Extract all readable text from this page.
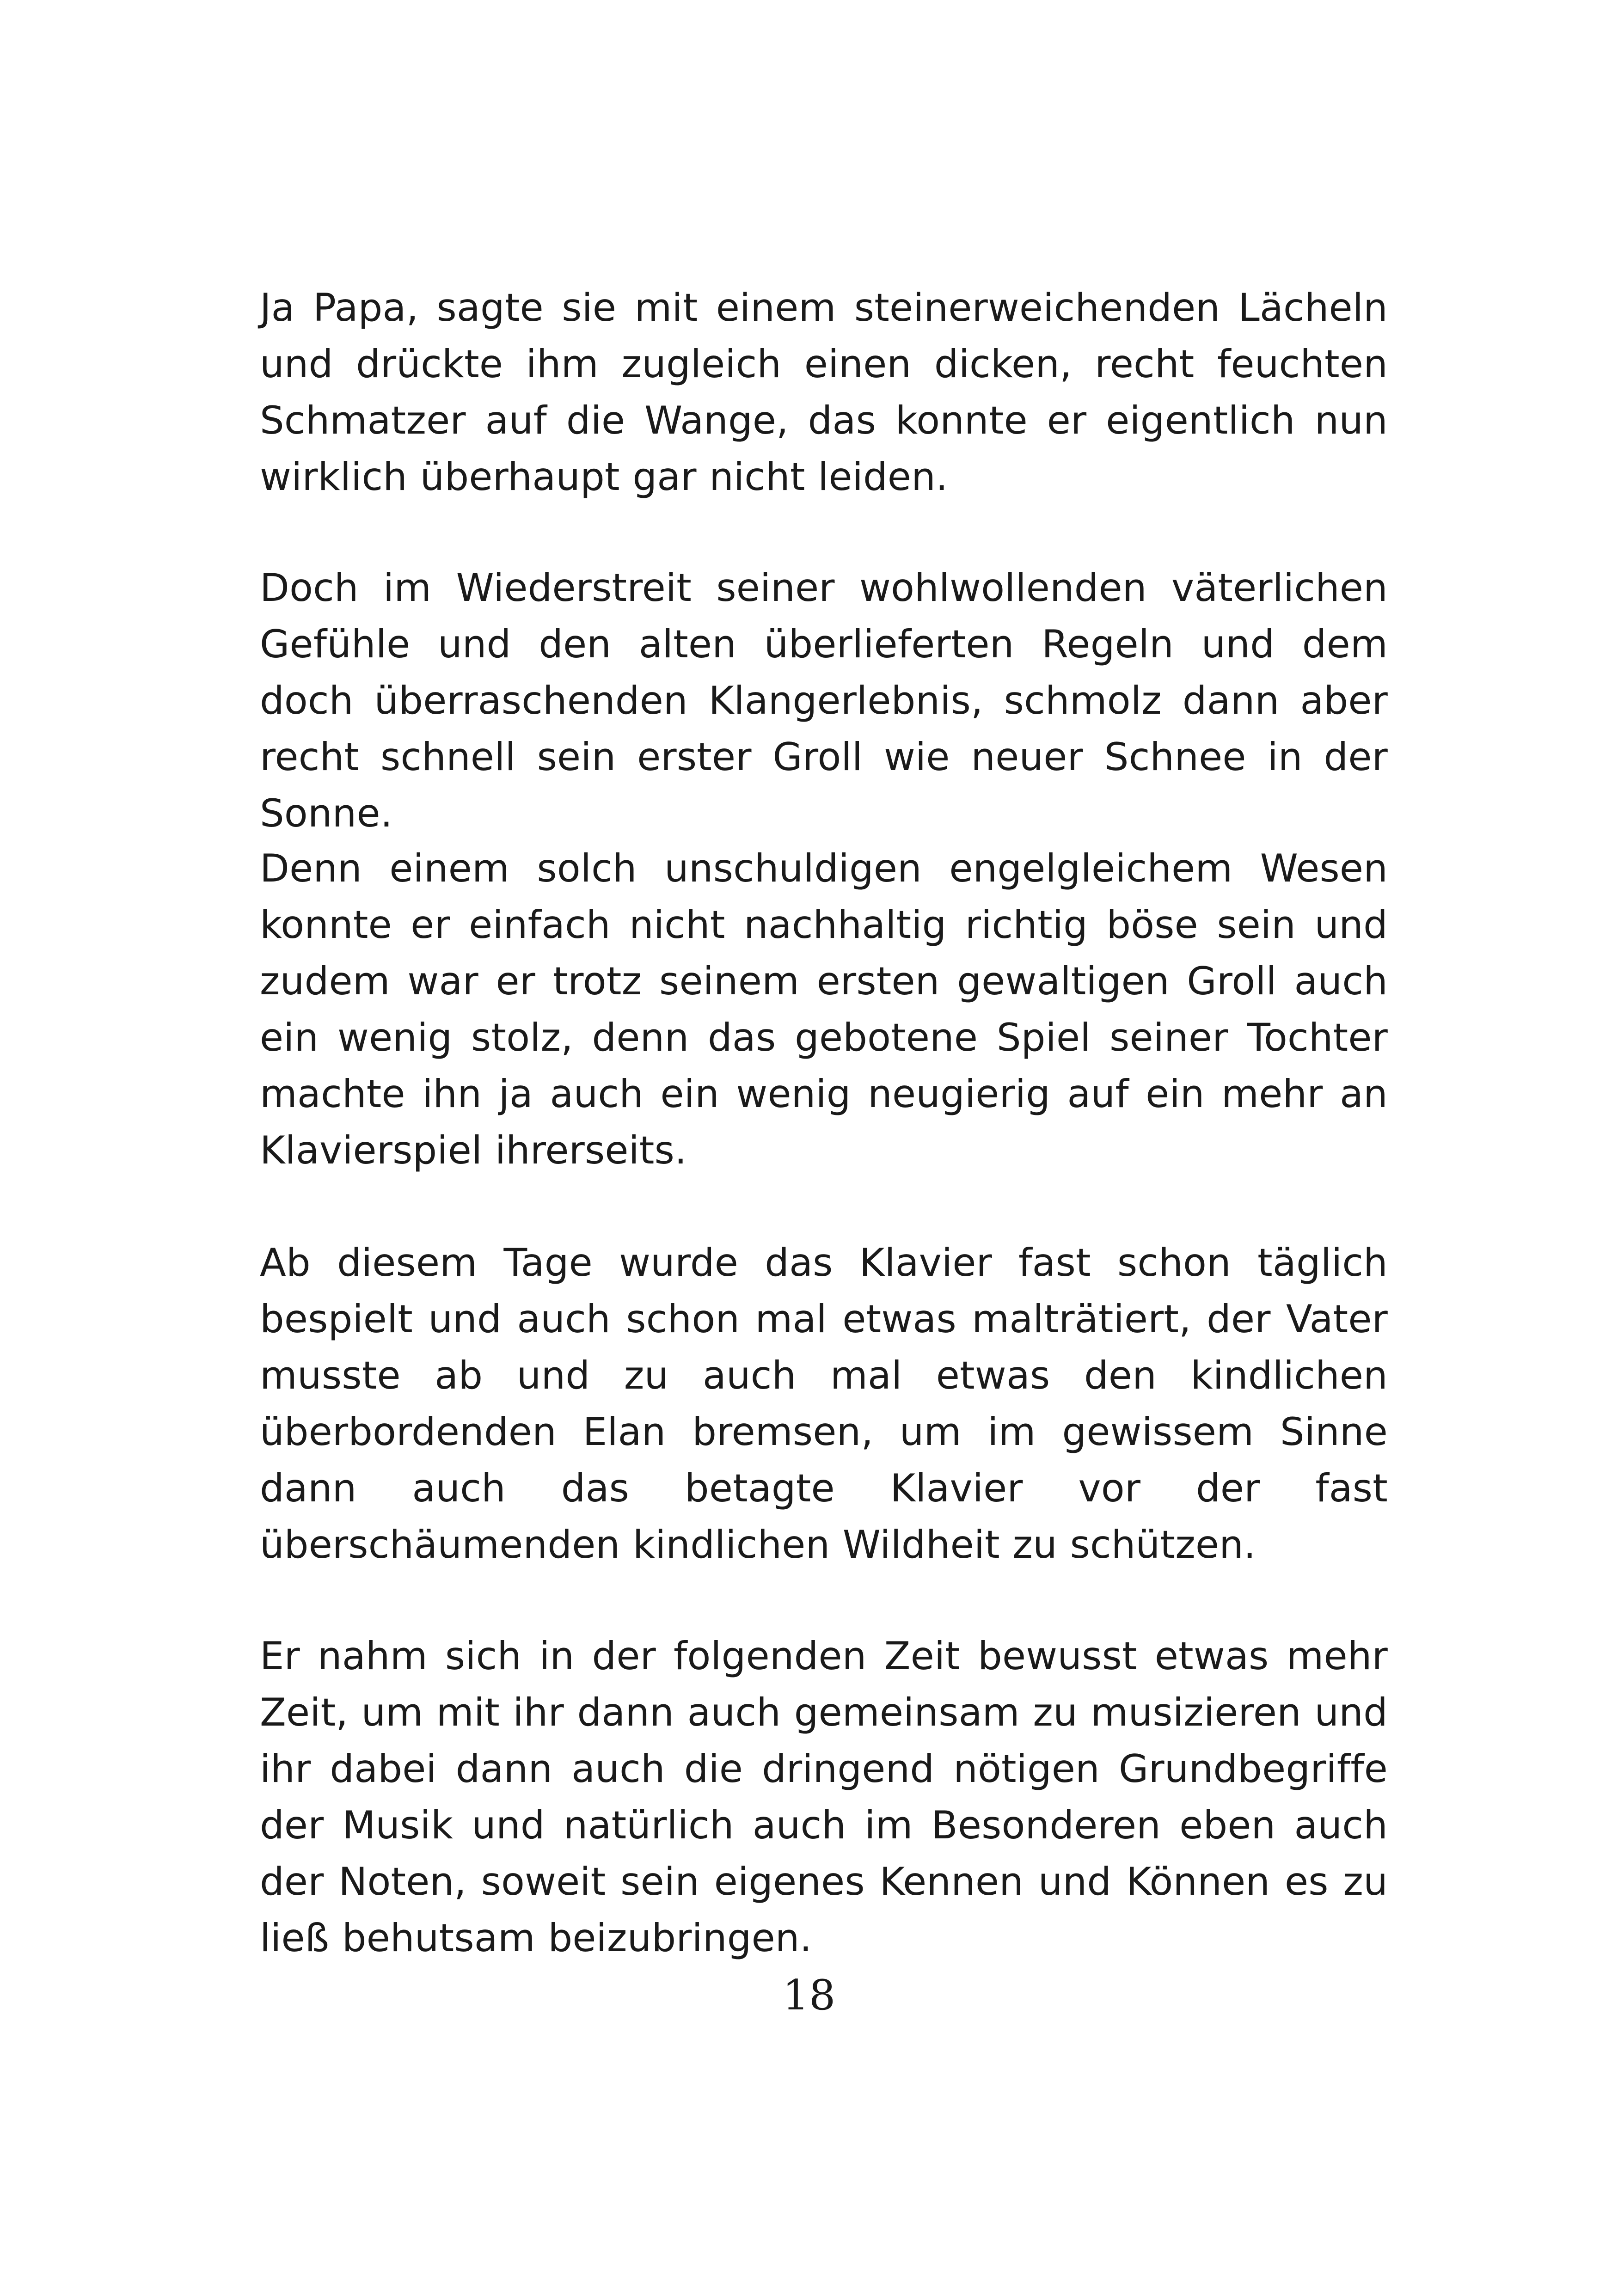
Ja Papa, sagte sie mit einem steinerweichenden Lächeln und drückte ihm zugleich einen dicken, recht feuchten Schmatzer auf die Wange, das konnte er eigentlich nun wirklich überhaupt gar nicht leiden.

Doch im Wiederstreit seiner wohlwollenden väterlichen Gefühle und den alten überlieferten Regeln und dem doch überraschenden Klangerlebnis, schmolz dann aber recht schnell sein erster Groll wie neuer Schnee in der Sonne.

Denn einem solch unschuldigen engelgleichem Wesen konnte er einfach nicht nachhaltig richtig böse sein und zudem war er trotz seinem ersten gewaltigen Groll auch ein wenig stolz, denn das gebotene Spiel seiner Tochter machte ihn ja auch ein wenig neugierig auf ein mehr an Klavierspiel ihrerseits.

Ab diesem Tage wurde das Klavier fast schon täglich bespielt und auch schon mal etwas malträtiert, der Vater musste ab und zu auch mal etwas den kindlichen überbordenden Elan bremsen, um im gewissem Sinne dann auch das betagte Klavier vor der fast überschäumenden kindlichen Wildheit zu schützen.

Er nahm sich in der folgenden Zeit bewusst etwas mehr Zeit, um mit ihr dann auch gemeinsam zu musizieren und ihr dabei dann auch die dringend nötigen Grundbegriffe der Musik und natürlich auch im Besonderen eben auch der Noten, soweit sein eigenes Kennen und Können es zu ließ behutsam beizubringen.

18
